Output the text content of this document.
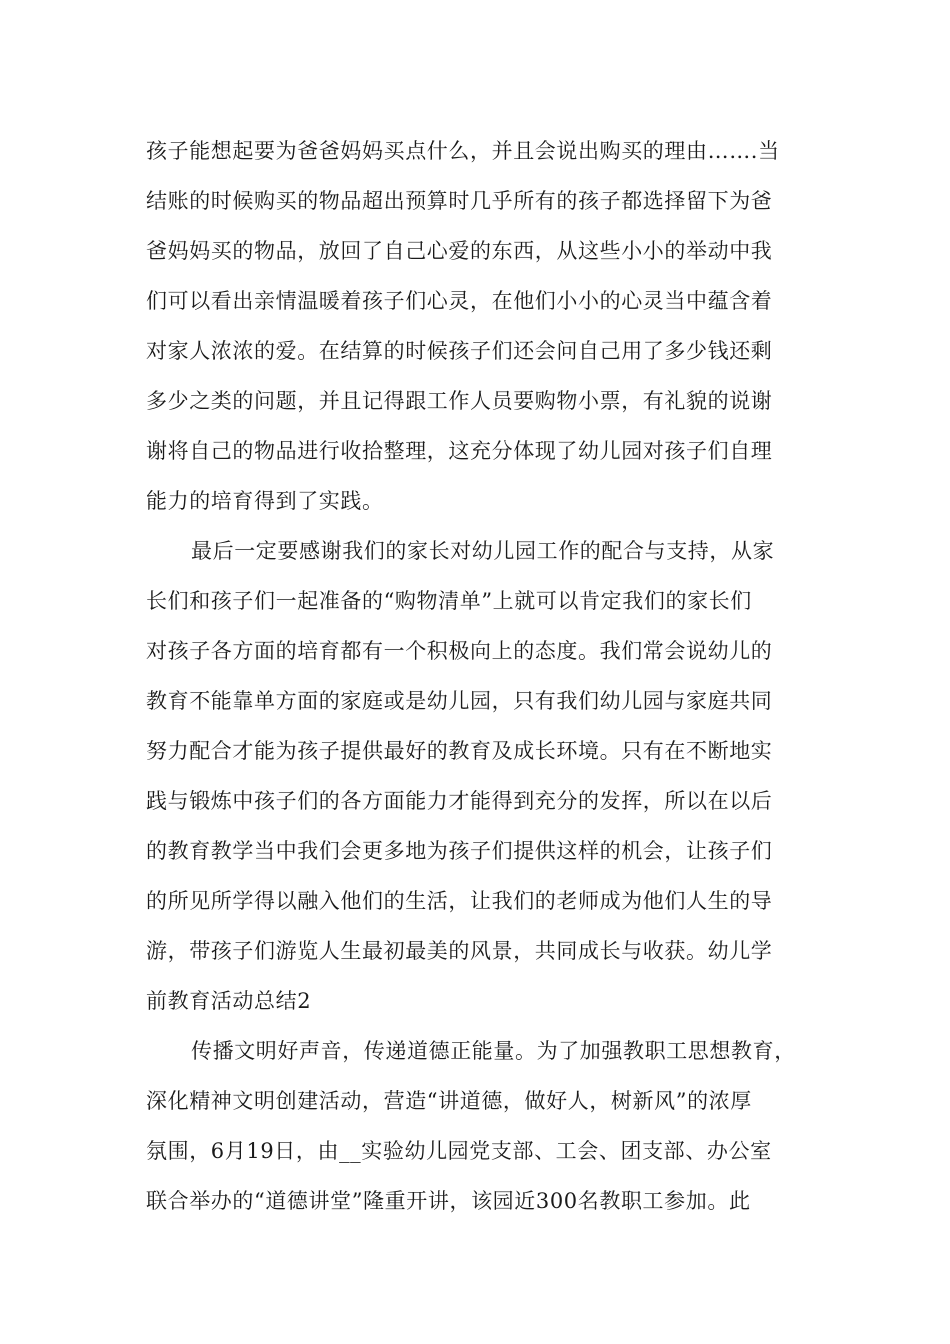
孩子能想起要为爸爸妈妈买点什么，并且会说出购买的理由…….当
结账的时候购买的物品超出预算时几乎所有的孩子都选择留下为爸
爸妈妈买的物品，放回了自己心爱的东西，从这些小小的举动中我
们可以看出亲情温暖着孩子们心灵，在他们小小的心灵当中蕴含着
对家人浓浓的爱。在结算的时候孩子们还会问自己用了多少钱还剩
多少之类的问题，并且记得跟工作人员要购物小票，有礼貌的说谢
谢将自己的物品进行收拾整理，这充分体现了幼儿园对孩子们自理
能力的培育得到了实践。
最后一定要感谢我们的家长对幼儿园工作的配合与支持，从家
长们和孩子们一起准备的“购物清单”上就可以肯定我们的家长们
对孩子各方面的培育都有一个积极向上的态度。我们常会说幼儿的
教育不能靠单方面的家庭或是幼儿园，只有我们幼儿园与家庭共同
努力配合才能为孩子提供最好的教育及成长环境。只有在不断地实
践与锻炼中孩子们的各方面能力才能得到充分的发挥，所以在以后
的教育教学当中我们会更多地为孩子们提供这样的机会，让孩子们
的所见所学得以融入他们的生活，让我们的老师成为他们人生的导
游，带孩子们游览人生最初最美的风景，共同成长与收获。幼儿学
前教育活动总结2
传播文明好声音，传递道德正能量。为了加强教职工思想教育，
深化精神文明创建活动，营造“讲道德，做好人，树新风”的浓厚
氛围，6月19日，由__实验幼儿园党支部、工会、团支部、办公室
联合举办的“道德讲堂”隆重开讲，该园近300名教职工参加。此
